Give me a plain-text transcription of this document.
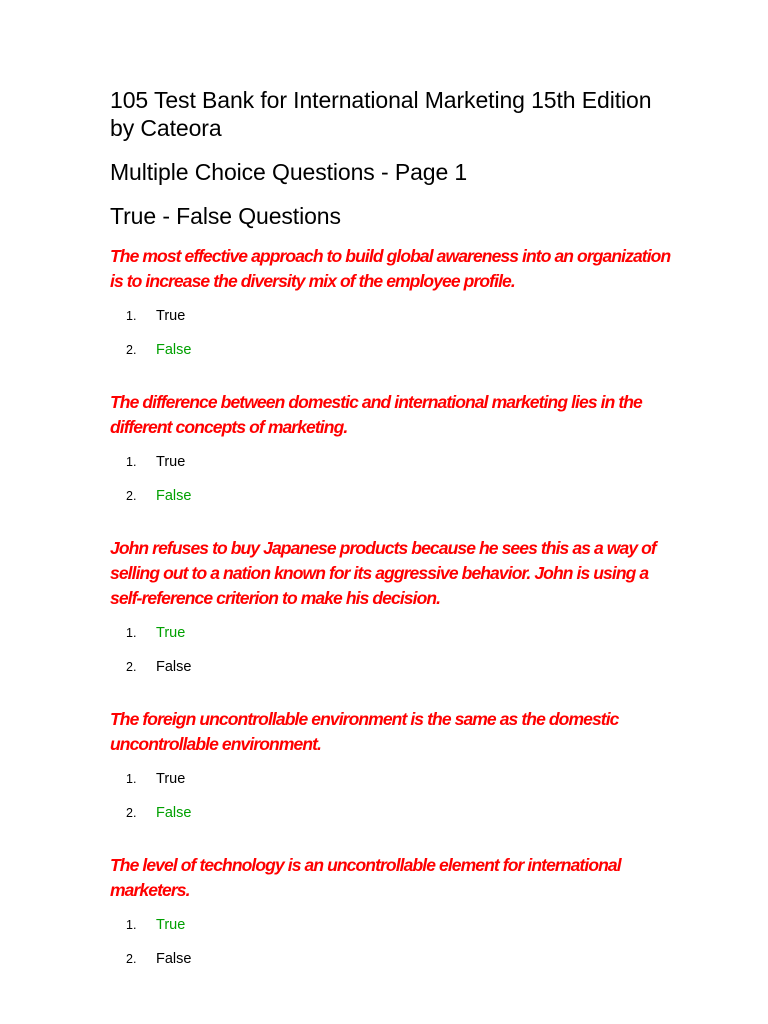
105 Test Bank for International Marketing 15th Edition by Cateora
Multiple Choice Questions - Page 1
True - False Questions

The most effective approach to build global awareness into an organization is to increase the diversity mix of the employee profile.

1.	True
2.	False

The difference between domestic and international marketing lies in the different concepts of marketing.

1.	True
2.	False

John refuses to buy Japanese products because he sees this as a way of selling out to a nation known for its aggressive behavior. John is using a self-reference criterion to make his decision.

1.	True
2.	False

The foreign uncontrollable environment is the same as the domestic uncontrollable environment.

1.	True
2.	False

The level of technology is an uncontrollable element for international marketers.

1.	True
2.	False
